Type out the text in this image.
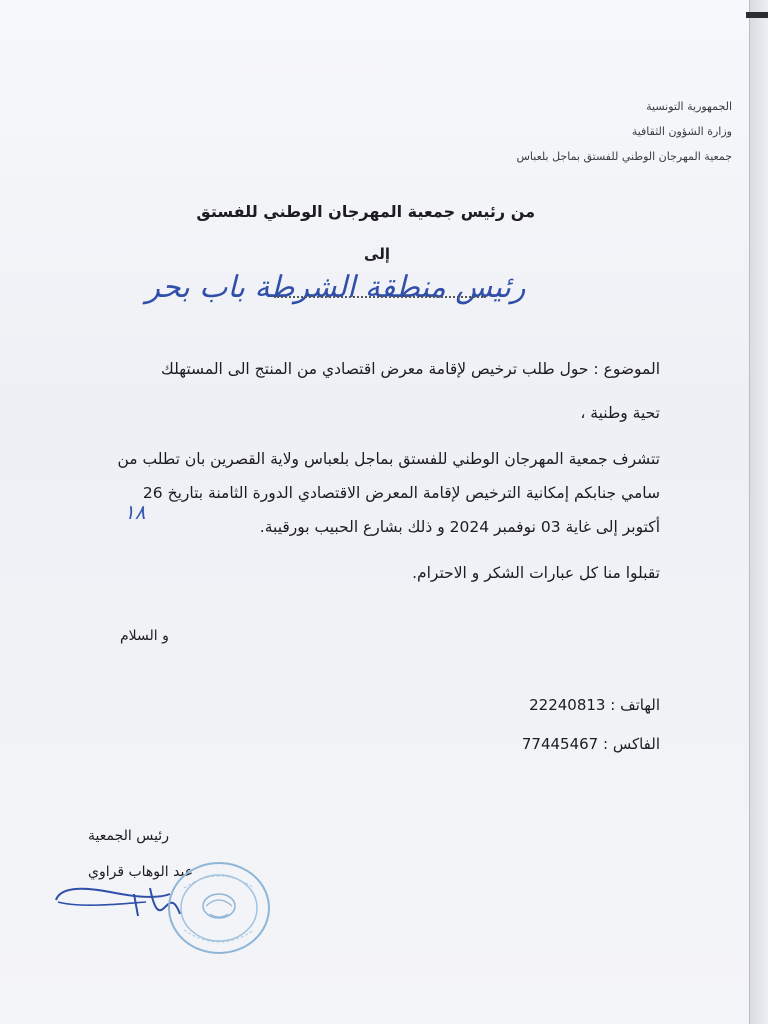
الجمهورية التونسية
وزارة الشؤون الثقافية
جمعية المهرجان الوطني للفستق بماجل بلعباس
من رئيس جمعية المهرجان الوطني للفستق
إلى
رئيس منطقة الشرطة باب بحر
الموضوع : حول طلب ترخيص لإقامة معرض اقتصادي من المنتج الى المستهلك
تحية وطنية ،
تتشرف جمعية المهرجان الوطني للفستق بماجل بلعباس ولاية القصرين بان تطلب من
سامي جنابكم إمكانية الترخيص لإقامة المعرض الاقتصادي الدورة الثامنة بتاريخ 26
أكتوبر إلى غاية 03 نوفمبر 2024 و ذلك بشارع الحبيب بورقيبة.
تقبلوا منا كل عبارات الشكر و الاحترام.
١٨
و السلام
الهاتف : 22240813
الفاكس : 77445467
رئيس الجمعية
عبد الوهاب قراوي
